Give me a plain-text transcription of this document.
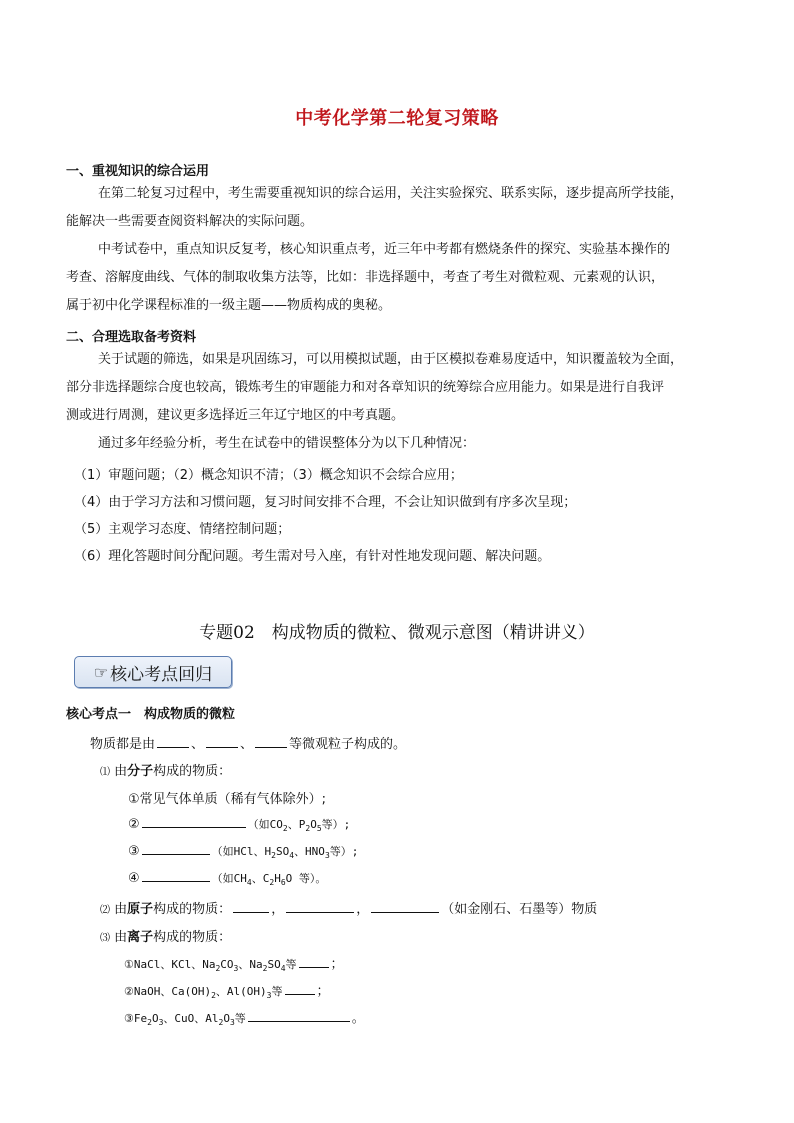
中考化学第二轮复习策略
一、重视知识的综合运用
在第二轮复习过程中，考生需要重视知识的综合运用，关注实验探究、联系实际，逐步提高所学技能，
能解决一些需要查阅资料解决的实际问题。
中考试卷中，重点知识反复考，核心知识重点考，近三年中考都有燃烧条件的探究、实验基本操作的
考查、溶解度曲线、气体的制取收集方法等，比如：非选择题中，考查了考生对微粒观、元素观的认识，
属于初中化学课程标准的一级主题——物质构成的奥秘。
二、合理选取备考资料
关于试题的筛选，如果是巩固练习，可以用模拟试题，由于区模拟卷难易度适中，知识覆盖较为全面，
部分非选择题综合度也较高，锻炼考生的审题能力和对各章知识的统筹综合应用能力。如果是进行自我评
测或进行周测，建议更多选择近三年辽宁地区的中考真题。
通过多年经验分析，考生在试卷中的错误整体分为以下几种情况：
（1）审题问题；（2）概念知识不清；（3）概念知识不会综合应用；
（4）由于学习方法和习惯问题，复习时间安排不合理，不会让知识做到有序多次呈现；
（5）主观学习态度、情绪控制问题；
（6）理化答题时间分配问题。考生需对号入座，有针对性地发现问题、解决问题。
专题02　构成物质的微粒、微观示意图（精讲讲义）
☞ 核心考点回归
核心考点一　构成物质的微粒
物质都是由	、	、	等微观粒子构成的。
⑴ 由分子构成的物质：
①常见气体单质（稀有气体除外）;
②	（如$CO_2$、$P_2O_5$等）;
③	（如HCl、$H_2SO_4$、$HNO_3$等）;
④	（如$CH_4$、$C_2H_6O$ 等）。
⑵ 由原子构成的物质：	，	，	（如金刚石、石墨等）物质
⑶ 由离子构成的物质：
①NaCl、KCl、$Na_2CO_3$、$Na_2SO_4$等	；
②NaOH、$Ca(OH)_2$、$Al(OH)_3$等	；
$③Fe_2O_3$、CuO、$Al_2O_3$等	。
